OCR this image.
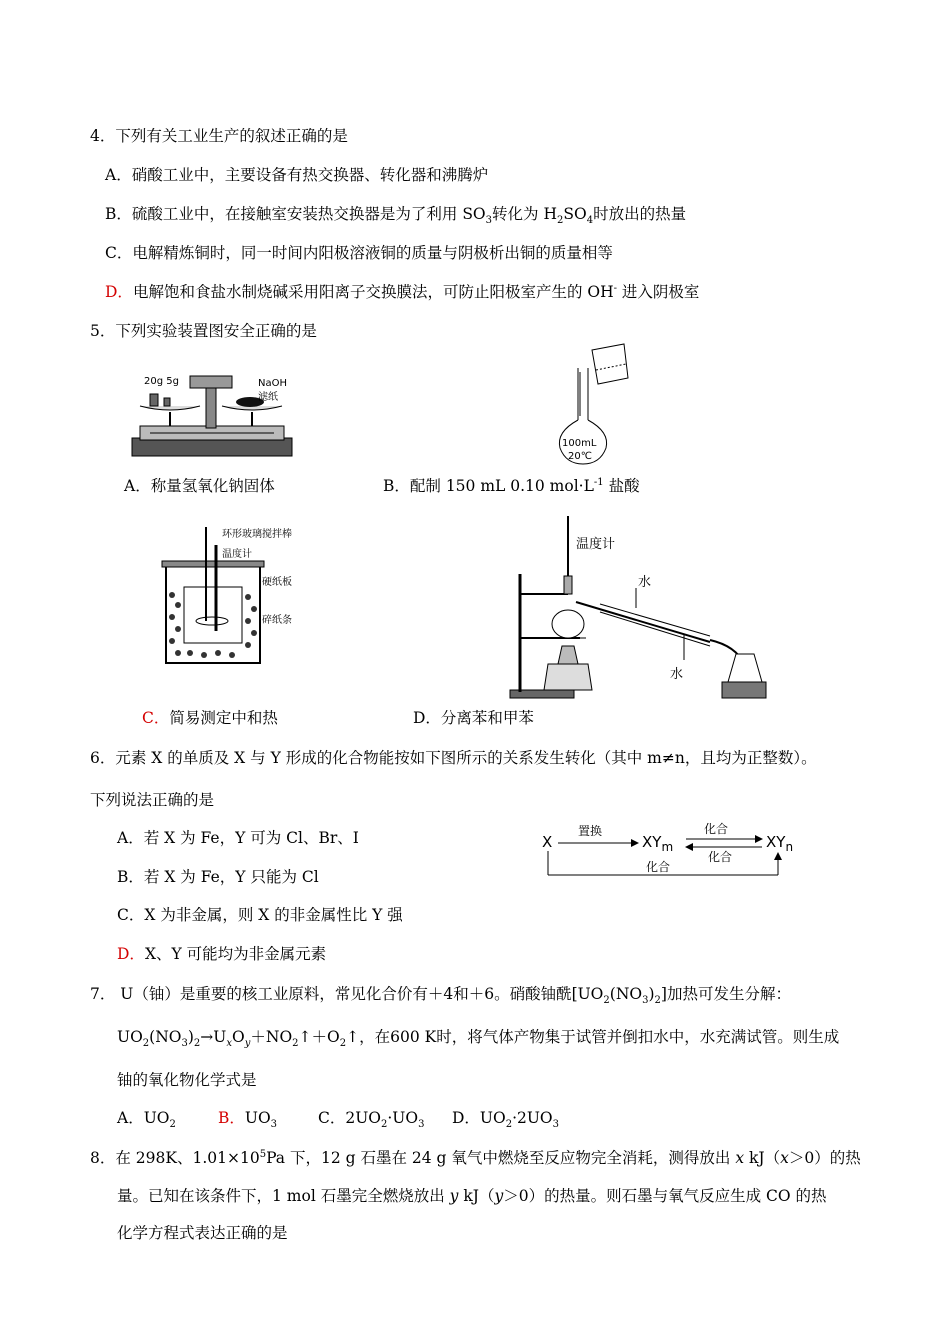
4．下列有关工业生产的叙述正确的是
A．硝酸工业中，主要设备有热交换器、转化器和沸腾炉
B．硫酸工业中，在接触室安装热交换器是为了利用 $SO_3$转化为 $H_2SO_4$时放出的热量
C．电解精炼铜时，同一时间内阳极溶液铜的质量与阴极析出铜的质量相等
D．电解饱和食盐水制烧碱采用阳离子交换膜法，可防止阳极室产生的 OH- 进入阴极室
5．下列实验装置图安全正确的是
20g 5g	NaOH
滤纸
100mL
20℃
A．称量氢氧化钠固体	B．配制 150 mL 0.10 $mol\cdot L^{-1}$ 盐酸
环形玻璃搅拌棒
温度计
硬纸板
碎纸条
温度计
水
水
C．简易测定中和热	D．分离苯和甲苯
6．元素 X 的单质及 X 与 Y 形成的化合物能按如下图所示的关系发生转化（其中 m≠n，且均为正整数）。
下列说法正确的是
A．若 X 为 Fe，Y 可为 Cl、Br、I
B．若 X 为 Fe，Y 只能为 Cl
C．X 为非金属，则 X 的非金属性比 Y 强
D．X、Y 可能均为非金属元素
X
置换
$XY_m$
化合
化合
$XY_n$
化合
7． U（铀）是重要的核工业原料，常见化合价有＋4和＋6。硝酸铀酰$[UO_2(NO_3)_2]$加热可发生分解：
$UO_2(NO_3)_2\to U_xO_y+NO_2↑+O_2↑$，在600 K时，将气体产物集于试管并倒扣水中，水充满试管。则生成
铀的氧化物化学式是
A．$UO_2$	B．$UO_3$	C．$2UO_2\cdot UO_3$ D．$UO_2\cdot 2UO_3$
8．在 298K、$1.01\times 10^5Pa$ 下，12 g 石墨在 24 g 氧气中燃烧至反应物完全消耗，测得放出 x kJ（x＞0）的热
量。已知在该条件下，1 mol 石墨完全燃烧放出 y kJ（y＞0）的热量。则石墨与氧气反应生成 CO 的热
化学方程式表达正确的是
